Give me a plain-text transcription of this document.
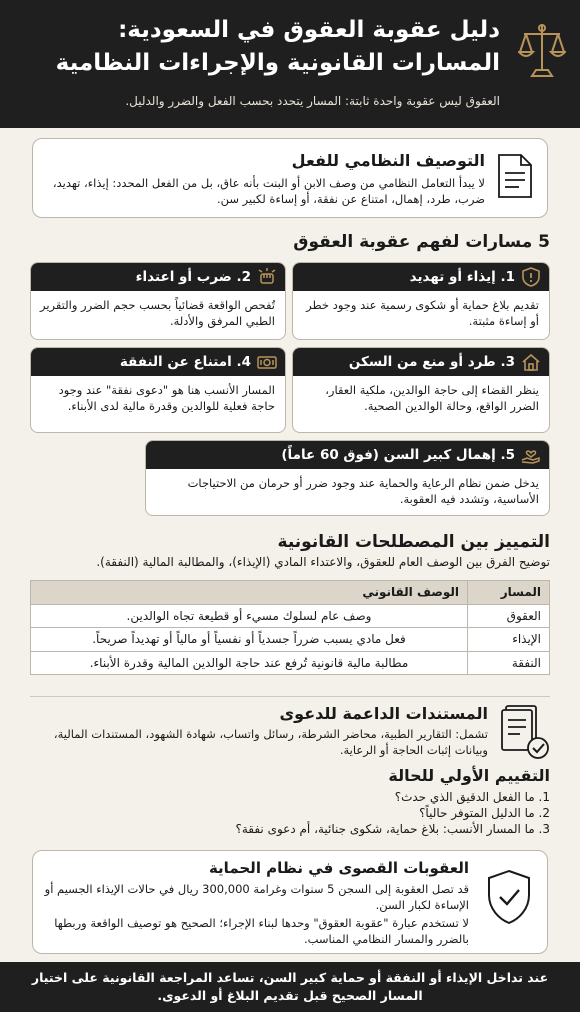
دليل عقوبة العقوق في السعودية: المسارات القانونية والإجراءات النظامية
العقوق ليس عقوبة واحدة ثابتة: المسار يتحدد بحسب الفعل والضرر والدليل.
التوصيف النظامي للفعل

لا يبدأ التعامل النظامي من وصف الابن أو البنت بأنه عاق، بل من الفعل المحدد: إيذاء، تهديد، ضرب، طرد، إهمال، امتناع عن نفقة، أو إساءة لكبير سن.

5 مسارات لفهم عقوبة العقوق
1. إيذاء أو تهديد
تقديم بلاغ حماية أو شكوى رسمية عند وجود خطر أو إساءة مثبتة.
2. ضرب أو اعتداء
تُفحص الواقعة قضائياً بحسب حجم الضرر والتقرير الطبي المرفق والأدلة.
3. طرد أو منع من السكن
ينظر القضاء إلى حاجة الوالدين، ملكية العقار، الضرر الواقع، وحالة الوالدين الصحية.
4. امتناع عن النفقة
المسار الأنسب هنا هو "دعوى نفقة" عند وجود حاجة فعلية للوالدين وقدرة مالية لدى الأبناء.
5. إهمال كبير السن (فوق 60 عاماً)
يدخل ضمن نظام الرعاية والحماية عند وجود ضرر أو حرمان من الاحتياجات الأساسية، وتشدد فيه العقوبة.
التمييز بين المصطلحات القانونية
توضيح الفرق بين الوصف العام للعقوق، والاعتداء المادي (الإيذاء)، والمطالبة المالية (النفقة).
المسار	الوصف القانوني
العقوق	وصف عام لسلوك مسيء أو قطيعة تجاه الوالدين.
الإيذاء	فعل مادي يسبب ضرراً جسدياً أو نفسياً أو مالياً أو تهديداً صريحاً.
النفقة	مطالبة مالية قانونية تُرفع عند حاجة الوالدين المالية وقدرة الأبناء.
المستندات الداعمة للدعوى
تشمل: التقارير الطبية، محاضر الشرطة، رسائل واتساب، شهادة الشهود، المستندات المالية، وبيانات إثبات الحاجة أو الرعاية.
التقييم الأولي للحالة
1. ما الفعل الدقيق الذي حدث؟
2. ما الدليل المتوفر حالياً؟
3. ما المسار الأنسب: بلاغ حماية، شكوى جنائية، أم دعوى نفقة؟
العقوبات القصوى في نظام الحماية

قد تصل العقوبة إلى السجن 5 سنوات وغرامة 300,000 ريال في حالات الإيذاء الجسيم أو الإساءة لكبار السن.

لا تستخدم عبارة "عقوبة العقوق" وحدها لبناء الإجراء؛ الصحيح هو توصيف الواقعة وربطها بالضرر والمسار النظامي المناسب.

عند تداخل الإيذاء أو النفقة أو حماية كبير السن، تساعد المراجعة القانونية على اختيار المسار الصحيح قبل تقديم البلاغ أو الدعوى.
